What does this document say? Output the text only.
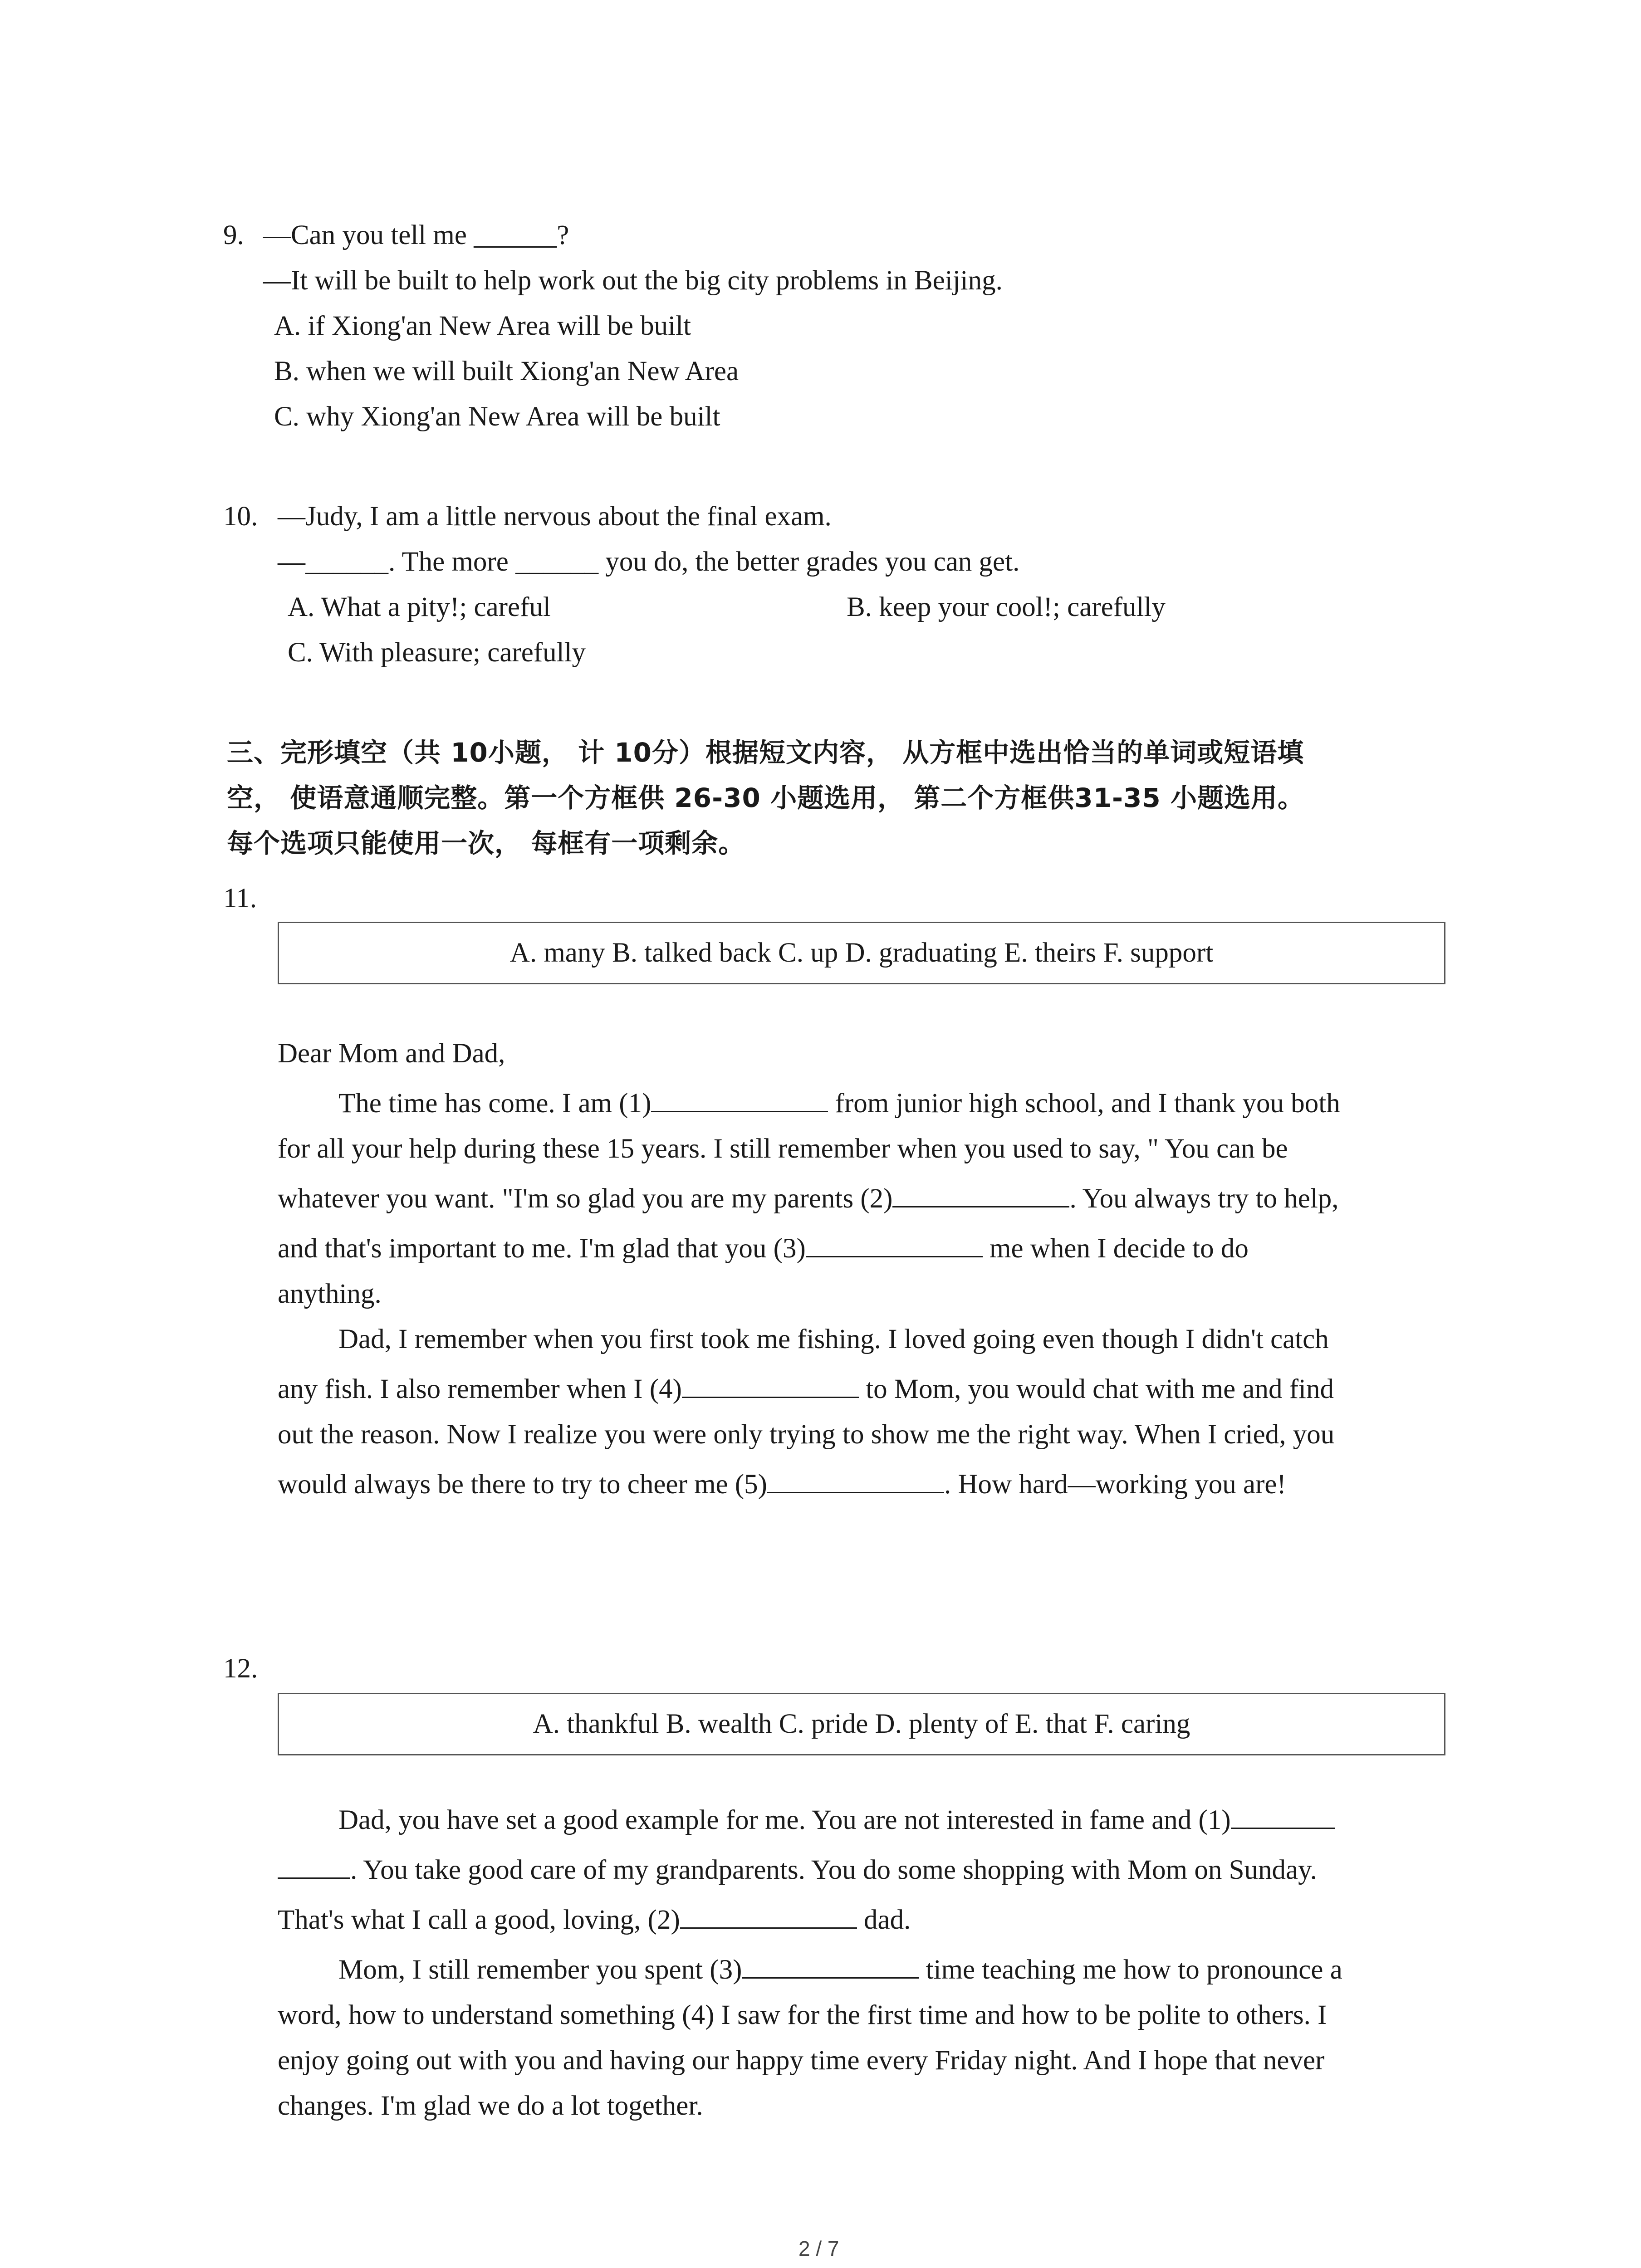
9. —Can you tell me ______?
—It will be built to help work out the big city problems in Beijing.
A. if Xiong'an New Area will be built
B. when we will built Xiong'an New Area
C. why Xiong'an New Area will be built
10. —Judy, I am a little nervous about the final exam.
—______. The more ______ you do, the better grades you can get.
A. What a pity!; careful	B. keep your cool!; carefully
C. With pleasure; carefully
三、完形填空（共 10小题， 计 10分）根据短文内容， 从方框中选出恰当的单词或短语填
空， 使语意通顺完整。第一个方框供 26-30 小题选用， 第二个方框供31-35 小题选用。
每个选项只能使用一次， 每框有一项剩余。
11.
A. many B. talked back C. up D. graduating E. theirs F. support
Dear Mom and Dad,
The time has come. I am (1)	from junior high school, and I thank you both
for all your help during these 15 years. I still remember when you used to say, " You can be
whatever you want. "I'm so glad you are my parents (2)	. You always try to help,
and that's important to me. I'm glad that you (3)	me when I decide to do
anything.
Dad, I remember when you first took me fishing. I loved going even though I didn't catch
any fish. I also remember when I (4)	to Mom, you would chat with me and find
out the reason. Now I realize you were only trying to show me the right way. When I cried, you
would always be there to try to cheer me (5)	. How hard—working you are!
12.
A. thankful B. wealth C. pride D. plenty of E. that F. caring
Dad, you have set a good example for me. You are not interested in fame and (1)
. You take good care of my grandparents. You do some shopping with Mom on Sunday.
That's what I call a good, loving, (2)	dad.
Mom, I still remember you spent (3)	time teaching me how to pronounce a
word, how to understand something (4) I saw for the first time and how to be polite to others. I
enjoy going out with you and having our happy time every Friday night. And I hope that never
changes. I'm glad we do a lot together.
2 / 7
